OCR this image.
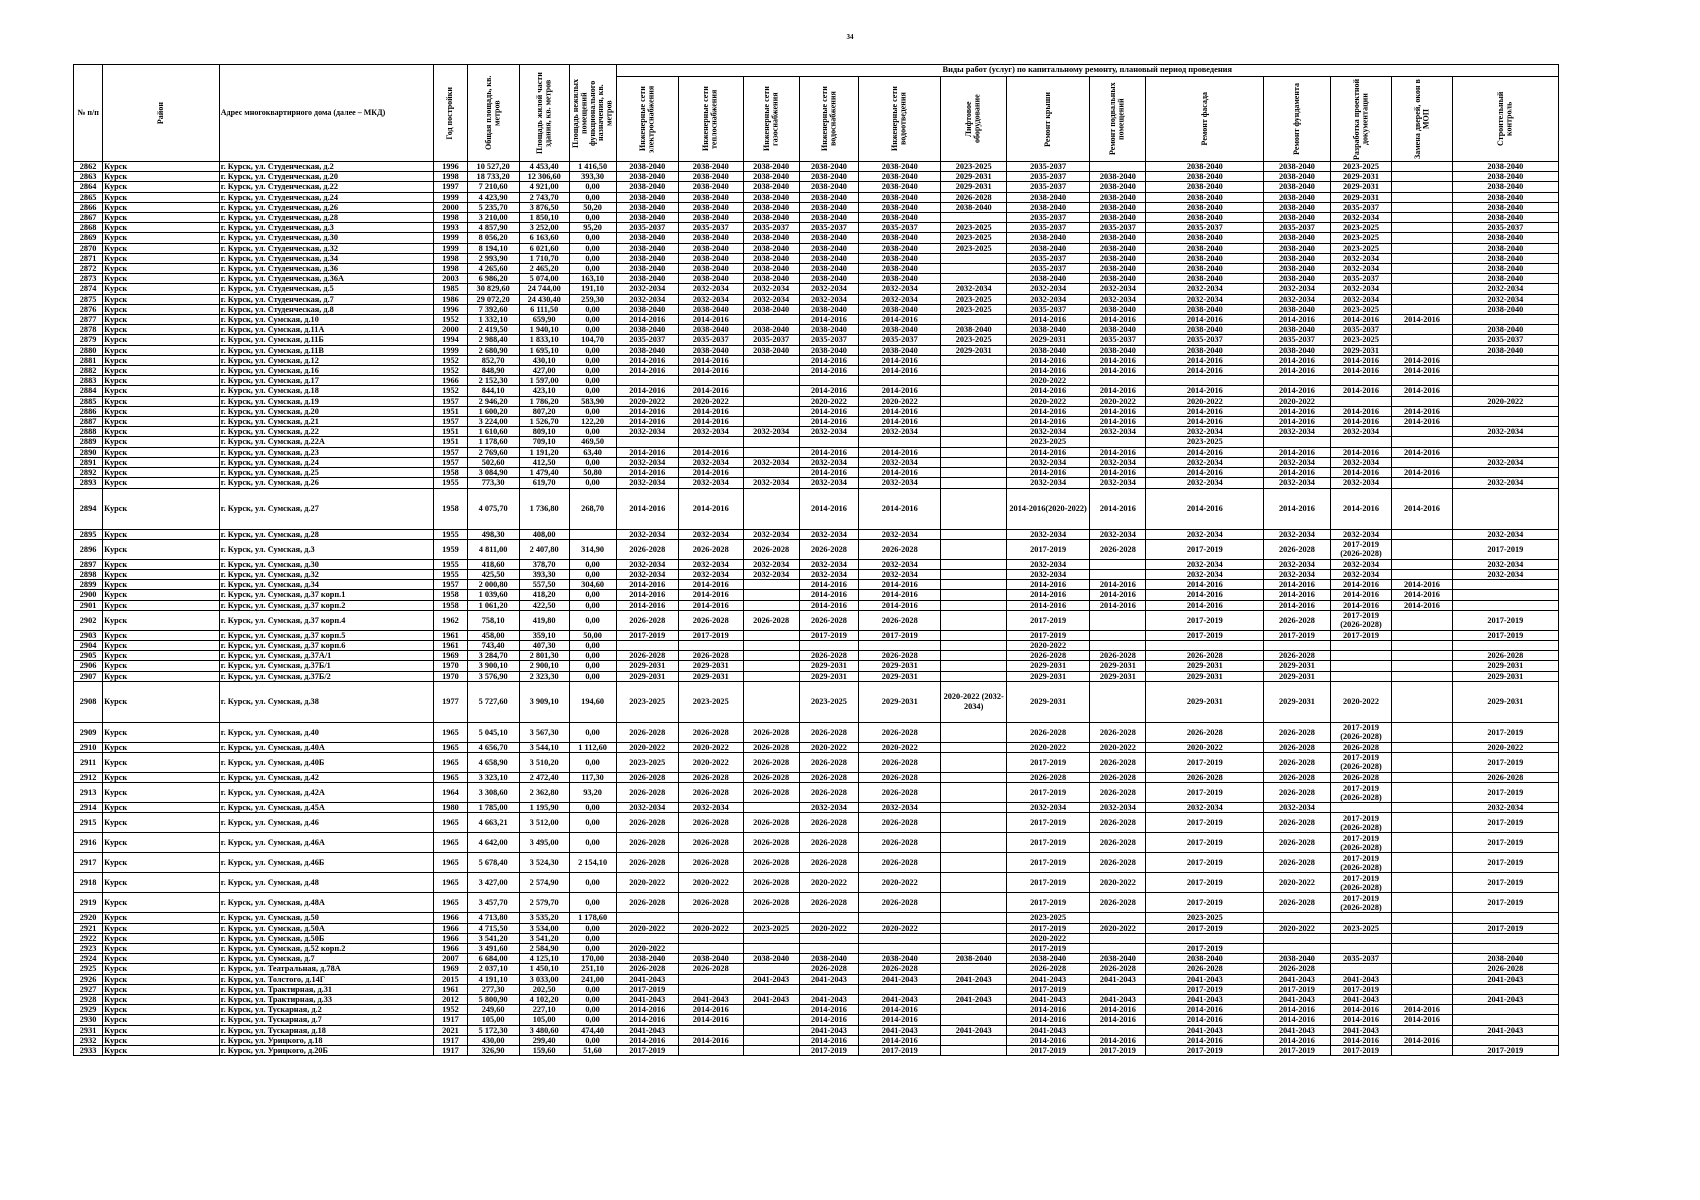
34
№ п/п	Район	Адрес многоквартирного дома (далее – МКД)	Год постройки	Общая площадь, кв. метров	Площадь жилой части здания, кв. метров	Площадь нежилых помещений функционального назначения, кв. метров	Виды работ (услуг) по капитальному ремонту, плановый период проведения												

							Инженерные сети электроснабжения	Инженерные сети теплоснабжения	Инженерные сети газоснабжения	Инженерные сети водоснабжения	Инженерные сети водоотведения	Лифтовое оборудование	Ремонт крыши	Ремонт подвальных помещений	Ремонт фасада	Ремонт фундамента	Разработка проектной документации	Замена дверей, окон в МОП	Строительный контроль

2862	Курск	г. Курск, ул. Студенческая, д.2	1996	10 527,20	4 453,40	1 416,50	2038-2040	2038-2040	2038-2040	2038-2040	2038-2040	2023-2025	2035-2037		2038-2040	2038-2040	2023-2025		2038-2040
2863	Курск	г. Курск, ул. Студенческая, д.20	1998	18 733,20	12 306,60	393,30	2038-2040	2038-2040	2038-2040	2038-2040	2038-2040	2029-2031	2035-2037	2038-2040	2038-2040	2038-2040	2029-2031		2038-2040
2864	Курск	г. Курск, ул. Студенческая, д.22	1997	7 210,60	4 921,00	0,00	2038-2040	2038-2040	2038-2040	2038-2040	2038-2040	2029-2031	2035-2037	2038-2040	2038-2040	2038-2040	2029-2031		2038-2040
2865	Курск	г. Курск, ул. Студенческая, д.24	1999	4 423,90	2 743,70	0,00	2038-2040	2038-2040	2038-2040	2038-2040	2038-2040	2026-2028	2038-2040	2038-2040	2038-2040	2038-2040	2029-2031		2038-2040
2866	Курск	г. Курск, ул. Студенческая, д.26	2000	5 235,70	3 876,50	50,20	2038-2040	2038-2040	2038-2040	2038-2040	2038-2040	2038-2040	2038-2040	2038-2040	2038-2040	2038-2040	2035-2037		2038-2040
2867	Курск	г. Курск, ул. Студенческая, д.28	1998	3 210,00	1 850,10	0,00	2038-2040	2038-2040	2038-2040	2038-2040	2038-2040		2035-2037	2038-2040	2038-2040	2038-2040	2032-2034		2038-2040
2868	Курск	г. Курск, ул. Студенческая, д.3	1993	4 857,90	3 252,00	95,20	2035-2037	2035-2037	2035-2037	2035-2037	2035-2037	2023-2025	2035-2037	2035-2037	2035-2037	2035-2037	2023-2025		2035-2037
2869	Курск	г. Курск, ул. Студенческая, д.30	1999	8 056,20	6 163,60	0,00	2038-2040	2038-2040	2038-2040	2038-2040	2038-2040	2023-2025	2038-2040	2038-2040	2038-2040	2038-2040	2023-2025		2038-2040
2870	Курск	г. Курск, ул. Студенческая, д.32	1999	8 194,10	6 021,60	0,00	2038-2040	2038-2040	2038-2040	2038-2040	2038-2040	2023-2025	2038-2040	2038-2040	2038-2040	2038-2040	2023-2025		2038-2040
2871	Курск	г. Курск, ул. Студенческая, д.34	1998	2 993,90	1 710,70	0,00	2038-2040	2038-2040	2038-2040	2038-2040	2038-2040		2035-2037	2038-2040	2038-2040	2038-2040	2032-2034		2038-2040
2872	Курск	г. Курск, ул. Студенческая, д.36	1998	4 265,60	2 465,20	0,00	2038-2040	2038-2040	2038-2040	2038-2040	2038-2040		2035-2037	2038-2040	2038-2040	2038-2040	2032-2034		2038-2040
2873	Курск	г. Курск, ул. Студенческая, д.36А	2003	6 986,20	5 074,00	163,10	2038-2040	2038-2040	2038-2040	2038-2040	2038-2040		2038-2040	2038-2040	2038-2040	2038-2040	2035-2037		2038-2040
2874	Курск	г. Курск, ул. Студенческая, д.5	1985	30 829,60	24 744,00	191,10	2032-2034	2032-2034	2032-2034	2032-2034	2032-2034	2032-2034	2032-2034	2032-2034	2032-2034	2032-2034	2032-2034		2032-2034
2875	Курск	г. Курск, ул. Студенческая, д.7	1986	29 072,20	24 430,40	259,30	2032-2034	2032-2034	2032-2034	2032-2034	2032-2034	2023-2025	2032-2034	2032-2034	2032-2034	2032-2034	2032-2034		2032-2034
2876	Курск	г. Курск, ул. Студенческая, д.8	1996	7 392,60	6 111,50	0,00	2038-2040	2038-2040	2038-2040	2038-2040	2038-2040	2023-2025	2035-2037	2038-2040	2038-2040	2038-2040	2023-2025		2038-2040
2877	Курск	г. Курск, ул. Сумская, д.10	1952	1 332,10	659,90	0,00	2014-2016	2014-2016		2014-2016	2014-2016		2014-2016	2014-2016	2014-2016	2014-2016	2014-2016	2014-2016	
2878	Курск	г. Курск, ул. Сумская, д.11А	2000	2 419,50	1 940,10	0,00	2038-2040	2038-2040	2038-2040	2038-2040	2038-2040	2038-2040	2038-2040	2038-2040	2038-2040	2038-2040	2035-2037		2038-2040
2879	Курск	г. Курск, ул. Сумская, д.11Б	1994	2 988,40	1 833,10	104,70	2035-2037	2035-2037	2035-2037	2035-2037	2035-2037	2023-2025	2029-2031	2035-2037	2035-2037	2035-2037	2023-2025		2035-2037
2880	Курск	г. Курск, ул. Сумская, д.11В	1999	2 680,90	1 695,10	0,00	2038-2040	2038-2040	2038-2040	2038-2040	2038-2040	2029-2031	2038-2040	2038-2040	2038-2040	2038-2040	2029-2031		2038-2040
2881	Курск	г. Курск, ул. Сумская, д.12	1952	852,70	430,10	0,00	2014-2016	2014-2016		2014-2016	2014-2016		2014-2016	2014-2016	2014-2016	2014-2016	2014-2016	2014-2016	
2882	Курск	г. Курск, ул. Сумская, д.16	1952	848,90	427,00	0,00	2014-2016	2014-2016		2014-2016	2014-2016		2014-2016	2014-2016	2014-2016	2014-2016	2014-2016	2014-2016	
2883	Курск	г. Курск, ул. Сумская, д.17	1966	2 152,30	1 597,00	0,00							2020-2022						
2884	Курск	г. Курск, ул. Сумская, д.18	1952	844,10	423,10	0,00	2014-2016	2014-2016		2014-2016	2014-2016		2014-2016	2014-2016	2014-2016	2014-2016	2014-2016	2014-2016	
2885	Курск	г. Курск, ул. Сумская, д.19	1957	2 946,20	1 786,20	583,90	2020-2022	2020-2022		2020-2022	2020-2022		2020-2022	2020-2022	2020-2022	2020-2022			2020-2022
2886	Курск	г. Курск, ул. Сумская, д.20	1951	1 600,20	807,20	0,00	2014-2016	2014-2016		2014-2016	2014-2016		2014-2016	2014-2016	2014-2016	2014-2016	2014-2016	2014-2016	
2887	Курск	г. Курск, ул. Сумская, д.21	1957	3 224,00	1 526,70	122,20	2014-2016	2014-2016		2014-2016	2014-2016		2014-2016	2014-2016	2014-2016	2014-2016	2014-2016	2014-2016	
2888	Курск	г. Курск, ул. Сумская, д.22	1951	1 610,60	809,10	0,00	2032-2034	2032-2034	2032-2034	2032-2034	2032-2034		2032-2034	2032-2034	2032-2034	2032-2034	2032-2034		2032-2034
2889	Курск	г. Курск, ул. Сумская, д.22А	1951	1 178,60	709,10	469,50							2023-2025		2023-2025				
2890	Курск	г. Курск, ул. Сумская, д.23	1957	2 769,60	1 191,20	63,40	2014-2016	2014-2016		2014-2016	2014-2016		2014-2016	2014-2016	2014-2016	2014-2016	2014-2016	2014-2016	
2891	Курск	г. Курск, ул. Сумская, д.24	1957	502,60	412,50	0,00	2032-2034	2032-2034	2032-2034	2032-2034	2032-2034		2032-2034	2032-2034	2032-2034	2032-2034	2032-2034		2032-2034
2892	Курск	г. Курск, ул. Сумская, д.25	1958	3 084,90	1 479,40	50,80	2014-2016	2014-2016		2014-2016	2014-2016		2014-2016	2014-2016	2014-2016	2014-2016	2014-2016	2014-2016	
2893	Курск	г. Курск, ул. Сумская, д.26	1955	773,30	619,70	0,00	2032-2034	2032-2034	2032-2034	2032-2034	2032-2034		2032-2034	2032-2034	2032-2034	2032-2034	2032-2034		2032-2034
2894	Курск	г. Курск, ул. Сумская, д.27	1958	4 075,70	1 736,80	268,70	2014-2016	2014-2016		2014-2016	2014-2016		2014-2016(2020-2022)	2014-2016	2014-2016	2014-2016	2014-2016	2014-2016	
2895	Курск	г. Курск, ул. Сумская, д.28	1955	498,30	408,00		2032-2034	2032-2034	2032-2034	2032-2034	2032-2034		2032-2034	2032-2034	2032-2034	2032-2034	2032-2034		2032-2034
2896	Курск	г. Курск, ул. Сумская, д.3	1959	4 811,00	2 407,80	314,90	2026-2028	2026-2028	2026-2028	2026-2028	2026-2028		2017-2019	2026-2028	2017-2019	2026-2028	2017-2019 (2026-2028)		2017-2019
2897	Курск	г. Курск, ул. Сумская, д.30	1955	418,60	378,70	0,00	2032-2034	2032-2034	2032-2034	2032-2034	2032-2034		2032-2034		2032-2034	2032-2034	2032-2034		2032-2034
2898	Курск	г. Курск, ул. Сумская, д.32	1955	425,50	393,30	0,00	2032-2034	2032-2034	2032-2034	2032-2034	2032-2034		2032-2034		2032-2034	2032-2034	2032-2034		2032-2034
2899	Курск	г. Курск, ул. Сумская, д.34	1957	2 000,80	557,50	304,60	2014-2016	2014-2016		2014-2016	2014-2016		2014-2016	2014-2016	2014-2016	2014-2016	2014-2016	2014-2016	
2900	Курск	г. Курск, ул. Сумская, д.37 корп.1	1958	1 039,60	418,20	0,00	2014-2016	2014-2016		2014-2016	2014-2016		2014-2016	2014-2016	2014-2016	2014-2016	2014-2016	2014-2016	
2901	Курск	г. Курск, ул. Сумская, д.37 корп.2	1958	1 061,20	422,50	0,00	2014-2016	2014-2016		2014-2016	2014-2016		2014-2016	2014-2016	2014-2016	2014-2016	2014-2016	2014-2016	
2902	Курск	г. Курск, ул. Сумская, д.37 корп.4	1962	758,10	419,80	0,00	2026-2028	2026-2028	2026-2028	2026-2028	2026-2028		2017-2019		2017-2019	2026-2028	2017-2019 (2026-2028)		2017-2019
2903	Курск	г. Курск, ул. Сумская, д.37 корп.5	1961	458,00	359,10	50,00	2017-2019	2017-2019		2017-2019	2017-2019		2017-2019		2017-2019	2017-2019	2017-2019		2017-2019
2904	Курск	г. Курск, ул. Сумская, д.37 корп.6	1961	743,40	407,30	0,00							2020-2022						
2905	Курск	г. Курск, ул. Сумская, д.37А/1	1969	3 284,70	2 801,30	0,00	2026-2028	2026-2028		2026-2028	2026-2028		2026-2028	2026-2028	2026-2028	2026-2028			2026-2028
2906	Курск	г. Курск, ул. Сумская, д.37Б/1	1970	3 900,10	2 900,10	0,00	2029-2031	2029-2031		2029-2031	2029-2031		2029-2031	2029-2031	2029-2031	2029-2031			2029-2031
2907	Курск	г. Курск, ул. Сумская, д.37Б/2	1970	3 576,90	2 323,30	0,00	2029-2031	2029-2031		2029-2031	2029-2031		2029-2031	2029-2031	2029-2031	2029-2031			2029-2031
2908	Курск	г. Курск, ул. Сумская, д.38	1977	5 727,60	3 909,10	194,60	2023-2025	2023-2025		2023-2025	2029-2031	2020-2022 (2032-2034)	2029-2031		2029-2031	2029-2031	2020-2022		2029-2031
2909	Курск	г. Курск, ул. Сумская, д.40	1965	5 045,10	3 567,30	0,00	2026-2028	2026-2028	2026-2028	2026-2028	2026-2028		2026-2028	2026-2028	2026-2028	2026-2028	2017-2019 (2026-2028)		2017-2019
2910	Курск	г. Курск, ул. Сумская, д.40А	1965	4 656,70	3 544,10	1 112,60	2020-2022	2020-2022	2026-2028	2020-2022	2020-2022		2020-2022	2020-2022	2020-2022	2026-2028	2026-2028		2020-2022
2911	Курск	г. Курск, ул. Сумская, д.40Б	1965	4 658,90	3 510,20	0,00	2023-2025	2020-2022	2026-2028	2026-2028	2026-2028		2017-2019	2026-2028	2017-2019	2026-2028	2017-2019 (2026-2028)		2017-2019
2912	Курск	г. Курск, ул. Сумская, д.42	1965	3 323,10	2 472,40	117,30	2026-2028	2026-2028	2026-2028	2026-2028	2026-2028		2026-2028	2026-2028	2026-2028	2026-2028	2026-2028		2026-2028
2913	Курск	г. Курск, ул. Сумская, д.42А	1964	3 308,60	2 362,80	93,20	2026-2028	2026-2028	2026-2028	2026-2028	2026-2028		2017-2019	2026-2028	2017-2019	2026-2028	2017-2019 (2026-2028)		2017-2019
2914	Курск	г. Курск, ул. Сумская, д.45А	1980	1 785,00	1 195,90	0,00	2032-2034	2032-2034		2032-2034	2032-2034		2032-2034	2032-2034	2032-2034	2032-2034			2032-2034
2915	Курск	г. Курск, ул. Сумская, д.46	1965	4 663,21	3 512,00	0,00	2026-2028	2026-2028	2026-2028	2026-2028	2026-2028		2017-2019	2026-2028	2017-2019	2026-2028	2017-2019 (2026-2028)		2017-2019
2916	Курск	г. Курск, ул. Сумская, д.46А	1965	4 642,00	3 495,00	0,00	2026-2028	2026-2028	2026-2028	2026-2028	2026-2028		2017-2019	2026-2028	2017-2019	2026-2028	2017-2019 (2026-2028)		2017-2019
2917	Курск	г. Курск, ул. Сумская, д.46Б	1965	5 678,40	3 524,30	2 154,10	2026-2028	2026-2028	2026-2028	2026-2028	2026-2028		2017-2019	2026-2028	2017-2019	2026-2028	2017-2019 (2026-2028)		2017-2019
2918	Курск	г. Курск, ул. Сумская, д.48	1965	3 427,00	2 574,90	0,00	2020-2022	2020-2022	2026-2028	2020-2022	2020-2022		2017-2019	2020-2022	2017-2019	2020-2022	2017-2019 (2026-2028)		2017-2019
2919	Курск	г. Курск, ул. Сумская, д.48А	1965	3 457,70	2 579,70	0,00	2026-2028	2026-2028	2026-2028	2026-2028	2026-2028		2017-2019	2026-2028	2017-2019	2026-2028	2017-2019 (2026-2028)		2017-2019
2920	Курск	г. Курск, ул. Сумская, д.50	1966	4 713,80	3 535,20	1 178,60							2023-2025		2023-2025				
2921	Курск	г. Курск, ул. Сумская, д.50А	1966	4 715,50	3 534,00	0,00	2020-2022	2020-2022	2023-2025	2020-2022	2020-2022		2017-2019	2020-2022	2017-2019	2020-2022	2023-2025		2017-2019
2922	Курск	г. Курск, ул. Сумская, д.50Б	1966	3 541,20	3 541,20	0,00							2020-2022						
2923	Курск	г. Курск, ул. Сумская, д.52 корп.2	1966	3 491,60	2 584,90	0,00	2020-2022						2017-2019		2017-2019				
2924	Курск	г. Курск, ул. Сумская, д.7	2007	6 684,00	4 125,10	170,00	2038-2040	2038-2040	2038-2040	2038-2040	2038-2040	2038-2040	2038-2040	2038-2040	2038-2040	2038-2040	2035-2037		2038-2040
2925	Курск	г. Курск, ул. Театральная, д.78А	1969	2 037,10	1 450,10	251,10	2026-2028	2026-2028		2026-2028	2026-2028		2026-2028	2026-2028	2026-2028	2026-2028			2026-2028
2926	Курск	г. Курск, ул. Толстого, д.14Г	2015	4 191,10	3 033,00	241,00	2041-2043		2041-2043	2041-2043	2041-2043	2041-2043	2041-2043	2041-2043	2041-2043	2041-2043	2041-2043		2041-2043
2927	Курск	г. Курск, ул. Трактирная, д.31	1961	277,30	202,50	0,00	2017-2019						2017-2019		2017-2019	2017-2019	2017-2019		
2928	Курск	г. Курск, ул. Трактирная, д.33	2012	5 800,90	4 102,20	0,00	2041-2043	2041-2043	2041-2043	2041-2043	2041-2043	2041-2043	2041-2043	2041-2043	2041-2043	2041-2043	2041-2043		2041-2043
2929	Курск	г. Курск, ул. Тускарная, д.2	1952	249,60	227,10	0,00	2014-2016	2014-2016		2014-2016	2014-2016		2014-2016	2014-2016	2014-2016	2014-2016	2014-2016	2014-2016	
2930	Курск	г. Курск, ул. Тускарная, д.7	1917	105,00	105,00	0,00	2014-2016	2014-2016		2014-2016	2014-2016		2014-2016	2014-2016	2014-2016	2014-2016	2014-2016	2014-2016	
2931	Курск	г. Курск, ул. Тускарная, д.18	2021	5 172,30	3 480,60	474,40	2041-2043			2041-2043	2041-2043	2041-2043	2041-2043		2041-2043	2041-2043	2041-2043		2041-2043
2932	Курск	г. Курск, ул. Урицкого, д.18	1917	430,00	299,40	0,00	2014-2016	2014-2016		2014-2016	2014-2016		2014-2016	2014-2016	2014-2016	2014-2016	2014-2016	2014-2016	
2933	Курск	г. Курск, ул. Урицкого, д.20Б	1917	326,90	159,60	51,60	2017-2019			2017-2019	2017-2019		2017-2019	2017-2019	2017-2019	2017-2019	2017-2019		2017-2019
